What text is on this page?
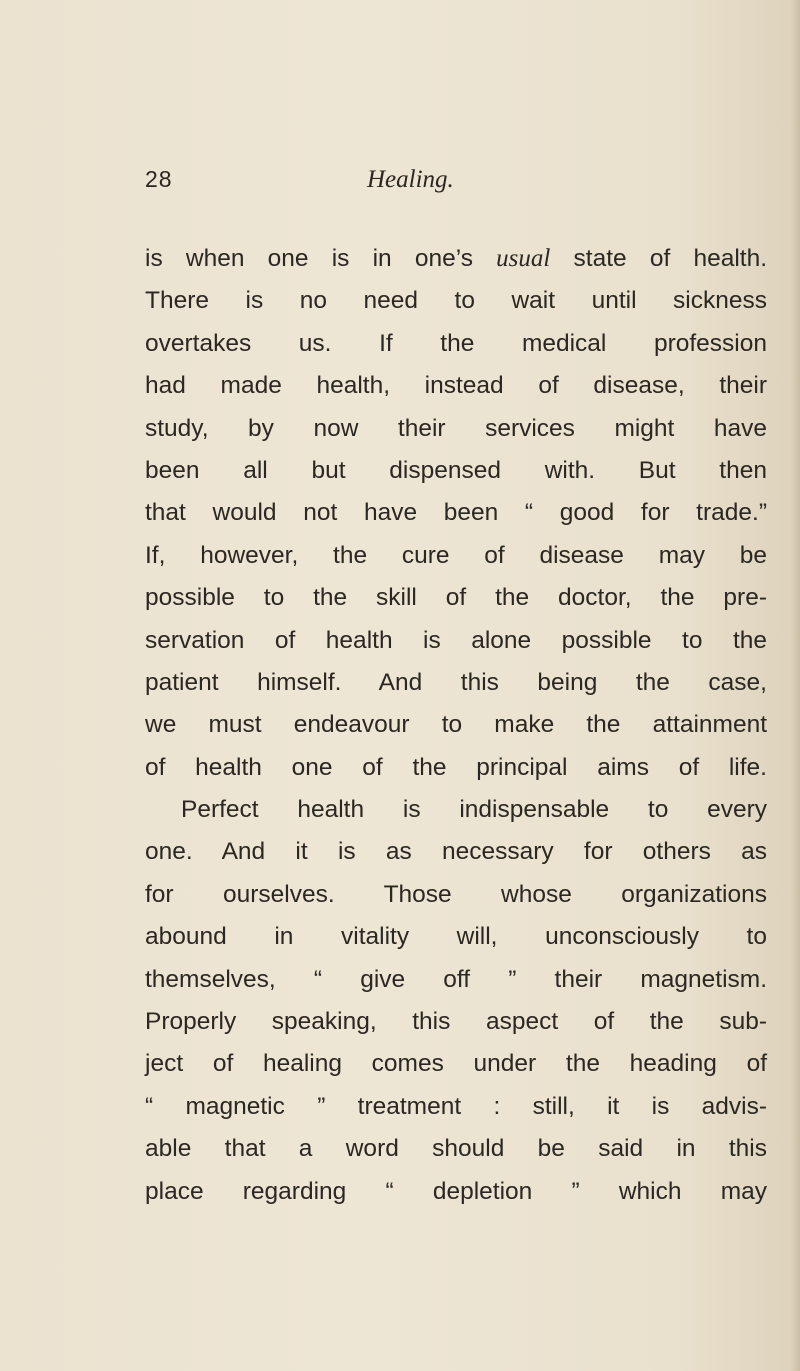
28	Healing.
is when one is in one’s usual state of health.
There is no need to wait until sickness
overtakes us. If the medical profession
had made health, instead of disease, their
study, by now their services might have
been all but dispensed with. But then
that would not have been “ good for trade.”
If, however, the cure of disease may be
possible to the skill of the doctor, the pre-
servation of health is alone possible to the
patient himself. And this being the case,
we must endeavour to make the attainment
of health one of the principal aims of life.
Perfect health is indispensable to every
one. And it is as necessary for others as
for ourselves. Those whose organizations
abound in vitality will, unconsciously to
themselves, “ give off ” their magnetism.
Properly speaking, this aspect of the sub-
ject of healing comes under the heading of
“ magnetic ” treatment : still, it is advis-
able that a word should be said in this
place regarding “ depletion ” which may
